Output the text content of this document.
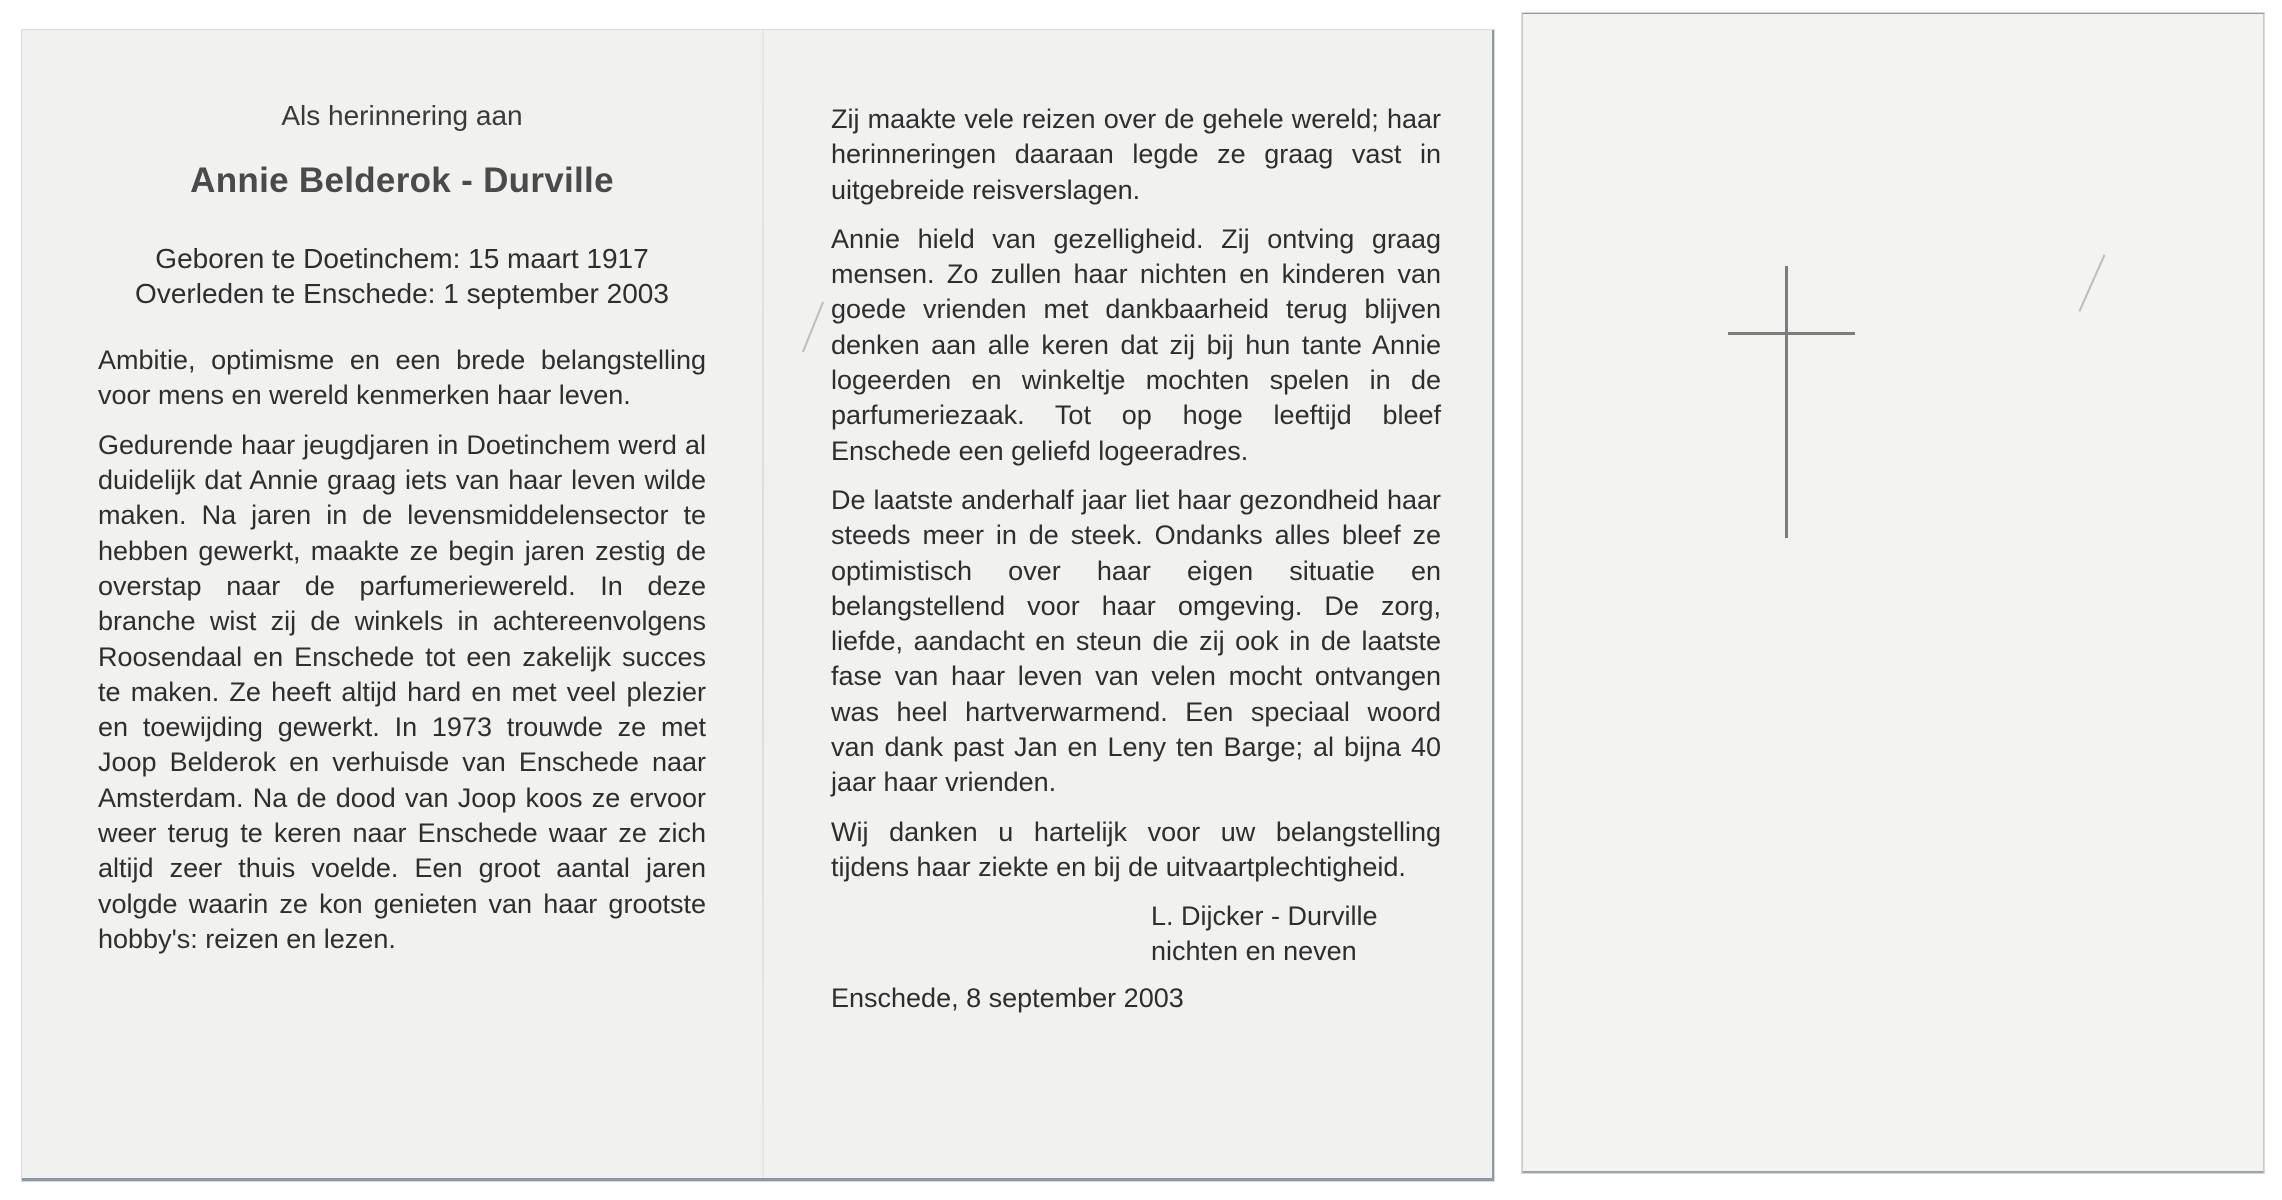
Als herinnering aan

Annie Belderok - Durville

Geboren te Doetinchem: 15 maart 1917

Overleden te Enschede: 1 september 2003

Ambitie, optimisme en een brede belangstelling voor mens en wereld kenmerken haar leven.

Gedurende haar jeugdjaren in Doetinchem werd al duidelijk dat Annie graag iets van haar leven wilde maken. Na jaren in de levensmiddelensector te hebben gewerkt, maakte ze begin jaren zestig de overstap naar de parfumeriewereld. In deze branche wist zij de winkels in achtereenvolgens Roosendaal en Enschede tot een zakelijk succes te maken. Ze heeft altijd hard en met veel plezier en toewijding gewerkt. In 1973 trouwde ze met Joop Belderok en verhuisde van Enschede naar Amsterdam. Na de dood van Joop koos ze ervoor weer terug te keren naar Enschede waar ze zich altijd zeer thuis voelde. Een groot aantal jaren volgde waarin ze kon genieten van haar grootste hobby's: reizen en lezen.

Zij maakte vele reizen over de gehele wereld; haar herinneringen daaraan legde ze graag vast in uitgebreide reisverslagen.

Annie hield van gezelligheid. Zij ontving graag mensen. Zo zullen haar nichten en kinderen van goede vrienden met dankbaarheid terug blijven denken aan alle keren dat zij bij hun tante Annie logeerden en winkeltje mochten spelen in de parfumeriezaak. Tot op hoge leeftijd bleef Enschede een geliefd logeeradres.

De laatste anderhalf jaar liet haar gezondheid haar steeds meer in de steek. Ondanks alles bleef ze optimistisch over haar eigen situatie en belangstellend voor haar omgeving. De zorg, liefde, aandacht en steun die zij ook in de laatste fase van haar leven van velen mocht ontvangen was heel hartverwarmend. Een speciaal woord van dank past Jan en Leny ten Barge; al bijna 40 jaar haar vrienden.

Wij danken u hartelijk voor uw belangstelling tijdens haar ziekte en bij de uitvaartplechtigheid.

L. Dijcker - Durville
nichten en neven
Enschede, 8 september 2003
